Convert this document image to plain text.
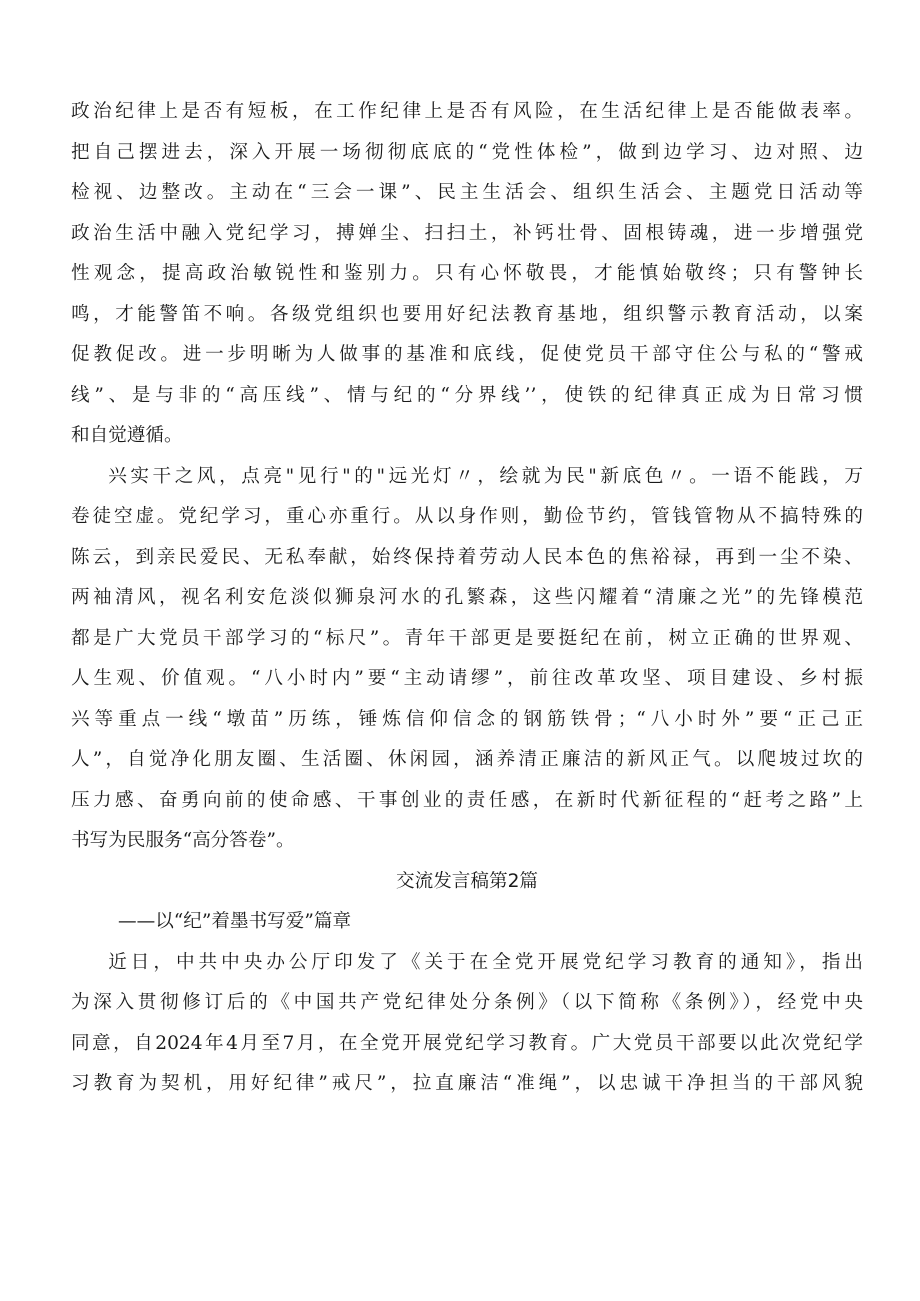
政治纪律上是否有短板，在工作纪律上是否有风险，在生活纪律上是否能做表率。
把自己摆进去，深入开展一场彻彻底底的“党性体检”，做到边学习、边对照、边
检视、边整改。主动在“三会一课”、民主生活会、组织生活会、主题党日活动等
政治生活中融入党纪学习，搏婵尘、扫扫土，补钙壮骨、固根铸魂，进一步增强党
性观念，提高政治敏锐性和鉴别力。只有心怀敬畏，才能慎始敬终；只有警钟长
鸣，才能警笛不响。各级党组织也要用好纪法教育基地，组织警示教育活动，以案
促教促改。进一步明晰为人做事的基准和底线，促使党员干部守住公与私的“警戒
线”、是与非的“高压线”、情与纪的“分界线’’，使铁的纪律真正成为日常习惯
和自觉遵循。

兴实干之风，点亮"见行"的"远光灯〃，绘就为民"新底色〃。一语不能践，万

卷徒空虚。党纪学习，重心亦重行。从以身作则，勤俭节约，管钱管物从不搞特殊的
陈云，到亲民爱民、无私奉献，始终保持着劳动人民本色的焦裕禄，再到一尘不染、
两袖清风，视名利安危淡似狮泉河水的孔繁森，这些闪耀着“清廉之光”的先锋模范
都是广大党员干部学习的“标尺”。青年干部更是要挺纪在前，树立正确的世界观、
人生观、价值观。“八小时内”要“主动请缪”，前往改革攻坚、项目建设、乡村振
兴等重点一线“墩苗”历练，锤炼信仰信念的钢筋铁骨；“八小时外”要“正己正
人”，自觉净化朋友圈、生活圈、休闲园，涵养清正廉洁的新风正气。以爬坡过坎的
压力感、奋勇向前的使命感、干事创业的责任感，在新时代新征程的“赶考之路”上
书写为民服务“高分答卷”。

交流发言稿第2篇

——以“纪”着墨书写爱”篇章

近日，中共中央办公厅印发了《关于在全党开展党纪学习教育的通知》，指出

为深入贯彻修订后的《中国共产党纪律处分条例》（以下简称《条例》），经党中央
同意，自2024年4月至7月，在全党开展党纪学习教育。广大党员干部要以此次党纪学
习教育为契机，用好纪律”戒尺”，拉直廉洁“准绳”，以忠诚干净担当的干部风貌
